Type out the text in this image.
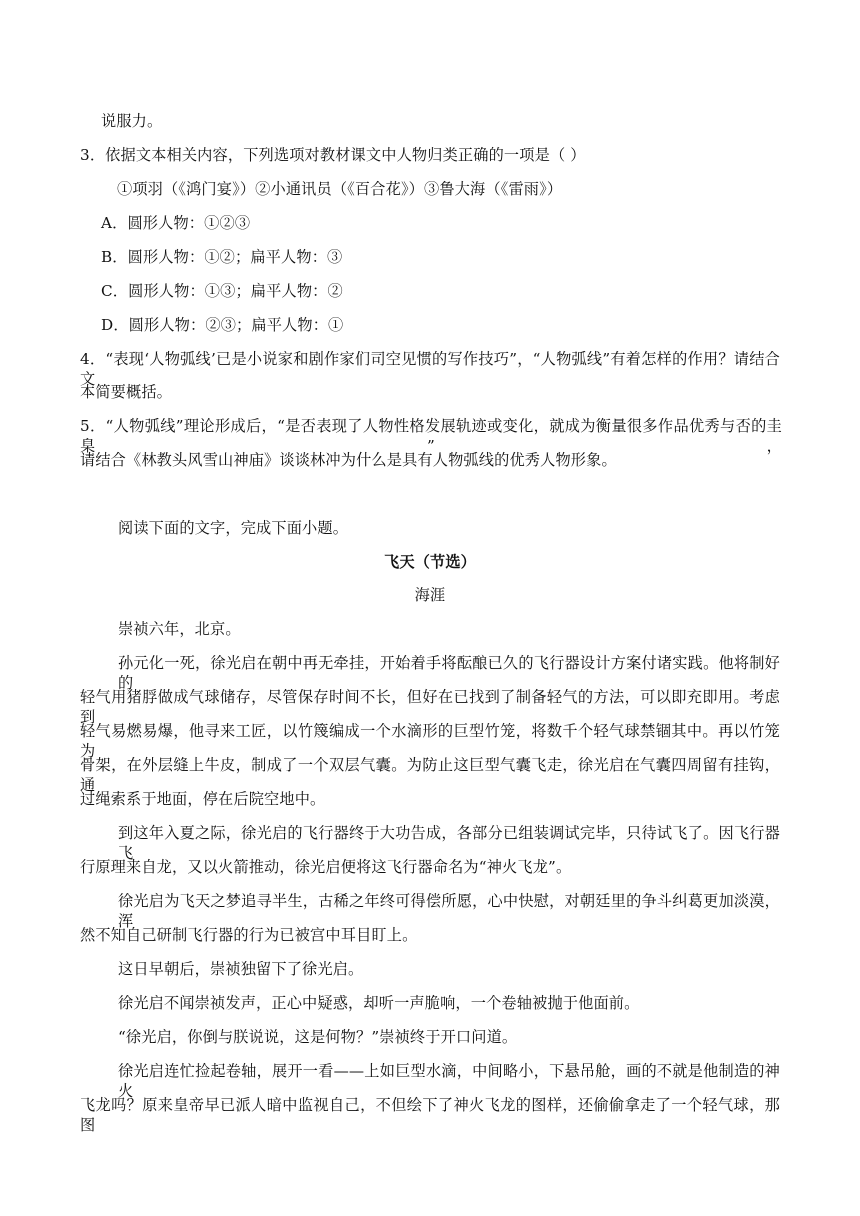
说服力。
3．依据文本相关内容，下列选项对教材课文中人物归类正确的一项是（ ）
①项羽（《鸿门宴》）②小通讯员（《百合花》）③鲁大海（《雷雨》）
A．圆形人物：①②③
B．圆形人物：①②；扁平人物：③
C．圆形人物：①③；扁平人物：②
D．圆形人物：②③；扁平人物：①
4．“表现‘人物弧线’已是小说家和剧作家们司空见惯的写作技巧”，“人物弧线”有着怎样的作用？请结合文
本简要概括。
5．“人物弧线”理论形成后，“是否表现了人物性格发展轨迹或变化，就成为衡量很多作品优秀与否的圭臬”，
请结合《林教头风雪山神庙》谈谈林冲为什么是具有人物弧线的优秀人物形象。
阅读下面的文字，完成下面小题。
飞天（节选）
海涯
崇祯六年，北京。
孙元化一死，徐光启在朝中再无牵挂，开始着手将酝酿已久的飞行器设计方案付诸实践。他将制好的
轻气用猪脬做成气球储存，尽管保存时间不长，但好在已找到了制备轻气的方法，可以即充即用。考虑到
轻气易燃易爆，他寻来工匠，以竹篾编成一个水滴形的巨型竹笼，将数千个轻气球禁锢其中。再以竹笼为
骨架，在外层缝上牛皮，制成了一个双层气囊。为防止这巨型气囊飞走，徐光启在气囊四周留有挂钩，通
过绳索系于地面，停在后院空地中。
到这年入夏之际，徐光启的飞行器终于大功告成，各部分已组装调试完毕，只待试飞了。因飞行器飞
行原理来自龙，又以火箭推动，徐光启便将这飞行器命名为“神火飞龙”。
徐光启为飞天之梦追寻半生，古稀之年终可得偿所愿，心中快慰，对朝廷里的争斗纠葛更加淡漠，浑
然不知自己研制飞行器的行为已被宫中耳目盯上。
这日早朝后，崇祯独留下了徐光启。
徐光启不闻崇祯发声，正心中疑惑，却听一声脆响，一个卷轴被抛于他面前。
“徐光启，你倒与朕说说，这是何物？”崇祯终于开口问道。
徐光启连忙捡起卷轴，展开一看——上如巨型水滴，中间略小，下悬吊舱，画的不就是他制造的神火
飞龙吗？原来皇帝早已派人暗中监视自己，不但绘下了神火飞龙的图样，还偷偷拿走了一个轻气球，那图
